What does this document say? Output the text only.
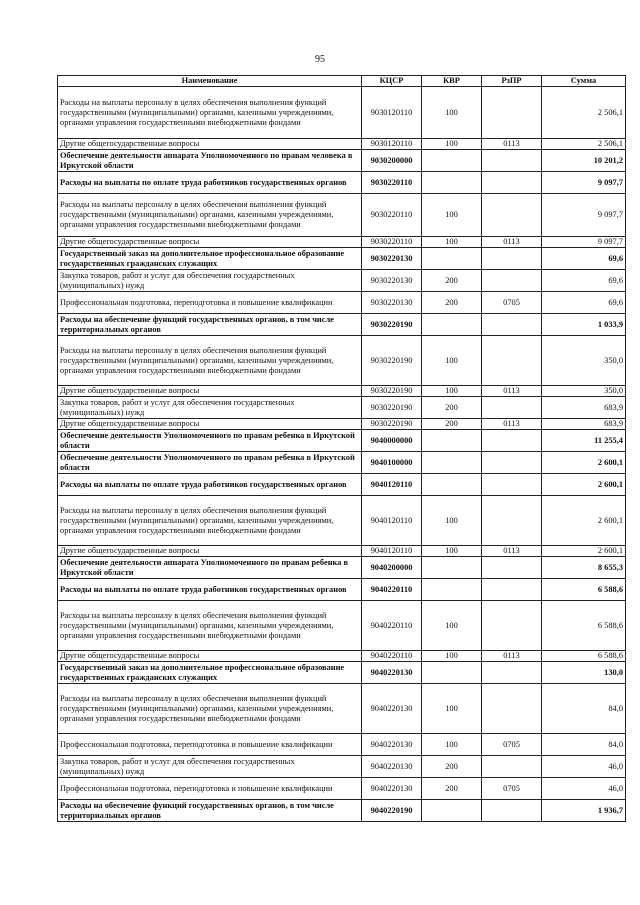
95
Наименование	КЦСР	КВР	РзПР	Сумма
Расходы на выплаты персоналу в целях обеспечения выполнения функций государственными (муниципальными) органами, казенными учреждениями, органами управления государственными внебюджетными фондами	9030120110	100		2 506,1
Другие общегосударственные вопросы	9030120110	100	0113	2 506,1
Обеспечение деятельности аппарата Уполномоченного по правам человека в Иркутской области	9030200000			10 201,2
Расходы на выплаты по оплате труда работников государственных органов	9030220110			9 097,7
Расходы на выплаты персоналу в целях обеспечения выполнения функций государственными (муниципальными) органами, казенными учреждениями, органами управления государственными внебюджетными фондами	9030220110	100		9 097,7
Другие общегосударственные вопросы	9030220110	100	0113	9 097,7
Государственный заказ на дополнительное профессиональное образование государственных гражданских служащих	9030220130			69,6
Закупка товаров, работ и услуг для обеспечения государственных (муниципальных) нужд	9030220130	200		69,6
Профессиональная подготовка, переподготовка и повышение квалификации	9030220130	200	0705	69,6
Расходы на обеспечение функций государственных органов, в том числе территориальных органов	9030220190			1 033,9
Расходы на выплаты персоналу в целях обеспечения выполнения функций государственными (муниципальными) органами, казенными учреждениями, органами управления государственными внебюджетными фондами	9030220190	100		350,0
Другие общегосударственные вопросы	9030220190	100	0113	350,0
Закупка товаров, работ и услуг для обеспечения государственных (муниципальных) нужд	9030220190	200		683,9
Другие общегосударственные вопросы	9030220190	200	0113	683,9
Обеспечение деятельности Уполномоченного по правам ребенка в Иркутской области	9040000000			11 255,4
Обеспечение деятельности Уполномоченного по правам ребенка в Иркутской области	9040100000			2 600,1
Расходы на выплаты по оплате труда работников государственных органов	9040120110			2 600,1
Расходы на выплаты персоналу в целях обеспечения выполнения функций государственными (муниципальными) органами, казенными учреждениями, органами управления государственными внебюджетными фондами	9040120110	100		2 600,1
Другие общегосударственные вопросы	9040120110	100	0113	2 600,1
Обеспечение деятельности аппарата Уполномоченного по правам ребенка в Иркутской области	9040200000			8 655,3
Расходы на выплаты по оплате труда работников государственных органов	9040220110			6 588,6
Расходы на выплаты персоналу в целях обеспечения выполнения функций государственными (муниципальными) органами, казенными учреждениями, органами управления государственными внебюджетными фондами	9040220110	100		6 588,6
Другие общегосударственные вопросы	9040220110	100	0113	6 588,6
Государственный заказ на дополнительное профессиональное образование государственных гражданских служащих	9040220130			130,0
Расходы на выплаты персоналу в целях обеспечения выполнения функций государственными (муниципальными) органами, казенными учреждениями, органами управления государственными внебюджетными фондами	9040220130	100		84,0
Профессиональная подготовка, переподготовка и повышение квалификации	9040220130	100	0705	84,0
Закупка товаров, работ и услуг для обеспечения государственных (муниципальных) нужд	9040220130	200		46,0
Профессиональная подготовка, переподготовка и повышение квалификации	9040220130	200	0705	46,0
Расходы на обеспечение функций государственных органов, в том числе территориальных органов	9040220190			1 936,7
